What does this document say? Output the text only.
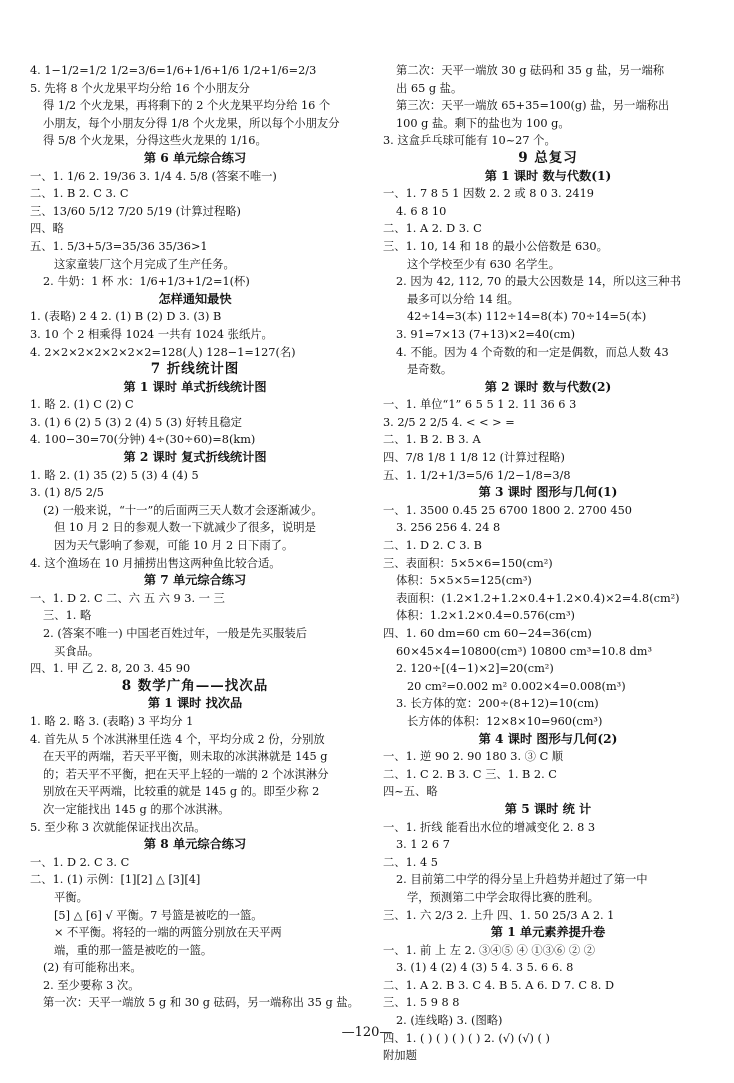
4. 1−1/2=1/2 1/2=3/6=1/6+1/6+1/6 1/2+1/6=2/3
5. 先将 8 个火龙果平均分给 16 个小朋友分
得 1/2 个火龙果，再将剩下的 2 个火龙果平均分给 16 个
小朋友，每个小朋友分得 1/8 个火龙果，所以每个小朋友分
得 5/8 个火龙果，分得这些火龙果的 1/16。
第 6 单元综合练习
一、1. 1/6 2. 19/36 3. 1/4 4. 5/8 (答案不唯一)
二、1. B 2. C 3. C
三、13/60 5/12 7/20 5/19 (计算过程略)
四、略
五、1. 5/3+5/3=35/36 35/36>1
这家童装厂这个月完成了生产任务。
2. 牛奶：1 杯 水：1/6+1/3+1/2=1(杯)
怎样通知最快
1. (表略) 2 4 2. (1) B (2) D 3. (3) B
3. 10 个 2 相乘得 1024 一共有 1024 张纸片。
4. 2×2×2×2×2×2×2=128(人) 128−1=127(名)
7 折线统计图
第 1 课时 单式折线统计图
1. 略 2. (1) C (2) C
3. (1) 6 (2) 5 (3) 2 (4) 5 (3) 好转且稳定
4. 100−30=70(分钟) 4÷(30÷60)=8(km)
第 2 课时 复式折线统计图
1. 略 2. (1) 35 (2) 5 (3) 4 (4) 5
3. (1) 8/5 2/5
(2) 一般来说，“十一”的后面两三天人数才会逐渐减少。
但 10 月 2 日的参观人数一下就减少了很多，说明是
因为天气影响了参观，可能 10 月 2 日下雨了。
4. 这个渔场在 10 月捕捞出售这两种鱼比较合适。
第 7 单元综合练习
一、1. D 2. C 二、六 五 六 9 3. 一 三
三、1. 略
2. (答案不唯一) 中国老百姓过年，一般是先买服装后
买食品。
四、1. 甲 乙 2. 8, 20 3. 45 90
8 数学广角——找次品
第 1 课时 找次品
1. 略 2. 略 3. (表略) 3 平均分 1
4. 首先从 5 个冰淇淋里任选 4 个，平均分成 2 份，分别放
在天平的两端，若天平平衡，则未取的冰淇淋就是 145 g
的；若天平不平衡，把在天平上轻的一端的 2 个冰淇淋分
别放在天平两端，比较重的就是 145 g 的。即至少称 2
次一定能找出 145 g 的那个冰淇淋。
5. 至少称 3 次就能保证找出次品。
第 8 单元综合练习
一、1. D 2. C 3. C
二、1. (1) 示例：[1][2] △ [3][4]
平衡。
[5] △ [6] √ 平衡。7 号篮是被吃的一篮。
× 不平衡。将轻的一端的两篮分别放在天平两
端，重的那一篮是被吃的一篮。
(2) 有可能称出来。
2. 至少要称 3 次。
第一次：天平一端放 5 g 和 30 g 砝码，另一端称出 35 g 盐。
第二次：天平一端放 30 g 砝码和 35 g 盐，另一端称
出 65 g 盐。
第三次：天平一端放 65+35=100(g) 盐，另一端称出
100 g 盐。剩下的盐也为 100 g。
3. 这盒乒乓球可能有 10~27 个。
9 总复习
第 1 课时 数与代数(1)
一、1. 7 8 5 1 因数 2. 2 或 8 0 3. 2419
4. 6 8 10
二、1. A 2. D 3. C
三、1. 10, 14 和 18 的最小公倍数是 630。
这个学校至少有 630 名学生。
2. 因为 42, 112, 70 的最大公因数是 14，所以这三种书
最多可以分给 14 组。
42÷14=3(本) 112÷14=8(本) 70÷14=5(本)
3. 91=7×13 (7+13)×2=40(cm)
4. 不能。因为 4 个奇数的和一定是偶数，而总人数 43
是奇数。
第 2 课时 数与代数(2)
一、1. 单位“1” 6 5 5 1 2. 11 36 6 3
3. 2/5 2 2/5 4. < < > =
二、1. B 2. B 3. A
四、7/8 1/8 1 1/8 12 (计算过程略)
五、1. 1/2+1/3=5/6 1/2−1/8=3/8
第 3 课时 图形与几何(1)
一、1. 3500 0.45 25 6700 1800 2. 2700 450
3. 256 256 4. 24 8
二、1. D 2. C 3. B
三、表面积：5×5×6=150(cm²)
体积：5×5×5=125(cm³)
表面积：(1.2×1.2+1.2×0.4+1.2×0.4)×2=4.8(cm²)
体积：1.2×1.2×0.4=0.576(cm³)
四、1. 60 dm=60 cm 60−24=36(cm)
60×45×4=10800(cm³) 10800 cm³=10.8 dm³
2. 120÷[(4−1)×2]=20(cm²)
20 cm²=0.002 m² 0.002×4=0.008(m³)
3. 长方体的宽：200÷(8+12)=10(cm)
长方体的体积：12×8×10=960(cm³)
第 4 课时 图形与几何(2)
一、1. 逆 90 2. 90 180 3. ③ C 顺
二、1. C 2. B 3. C 三、1. B 2. C
四~五、略
第 5 课时 统 计
一、1. 折线 能看出水位的增减变化 2. 8 3
3. 1 2 6 7
二、1. 4 5
2. 目前第二中学的得分呈上升趋势并超过了第一中
学，预测第二中学会取得比赛的胜利。
三、1. 六 2/3 2. 上升 四、1. 50 25/3 A 2. 1
第 1 单元素养提升卷
一、1. 前 上 左 2. ③④⑤ ④ ①③⑥ ② ②
3. (1) 4 (2) 4 (3) 5 4. 3 5. 6 6. 8
二、1. A 2. B 3. C 4. B 5. A 6. D 7. C 8. D
三、1. 5 9 8 8
2. (连线略) 3. (图略)
四、1. ( ) ( ) ( ) ( ) 2. (√) (√) ( )
附加题
—120—
